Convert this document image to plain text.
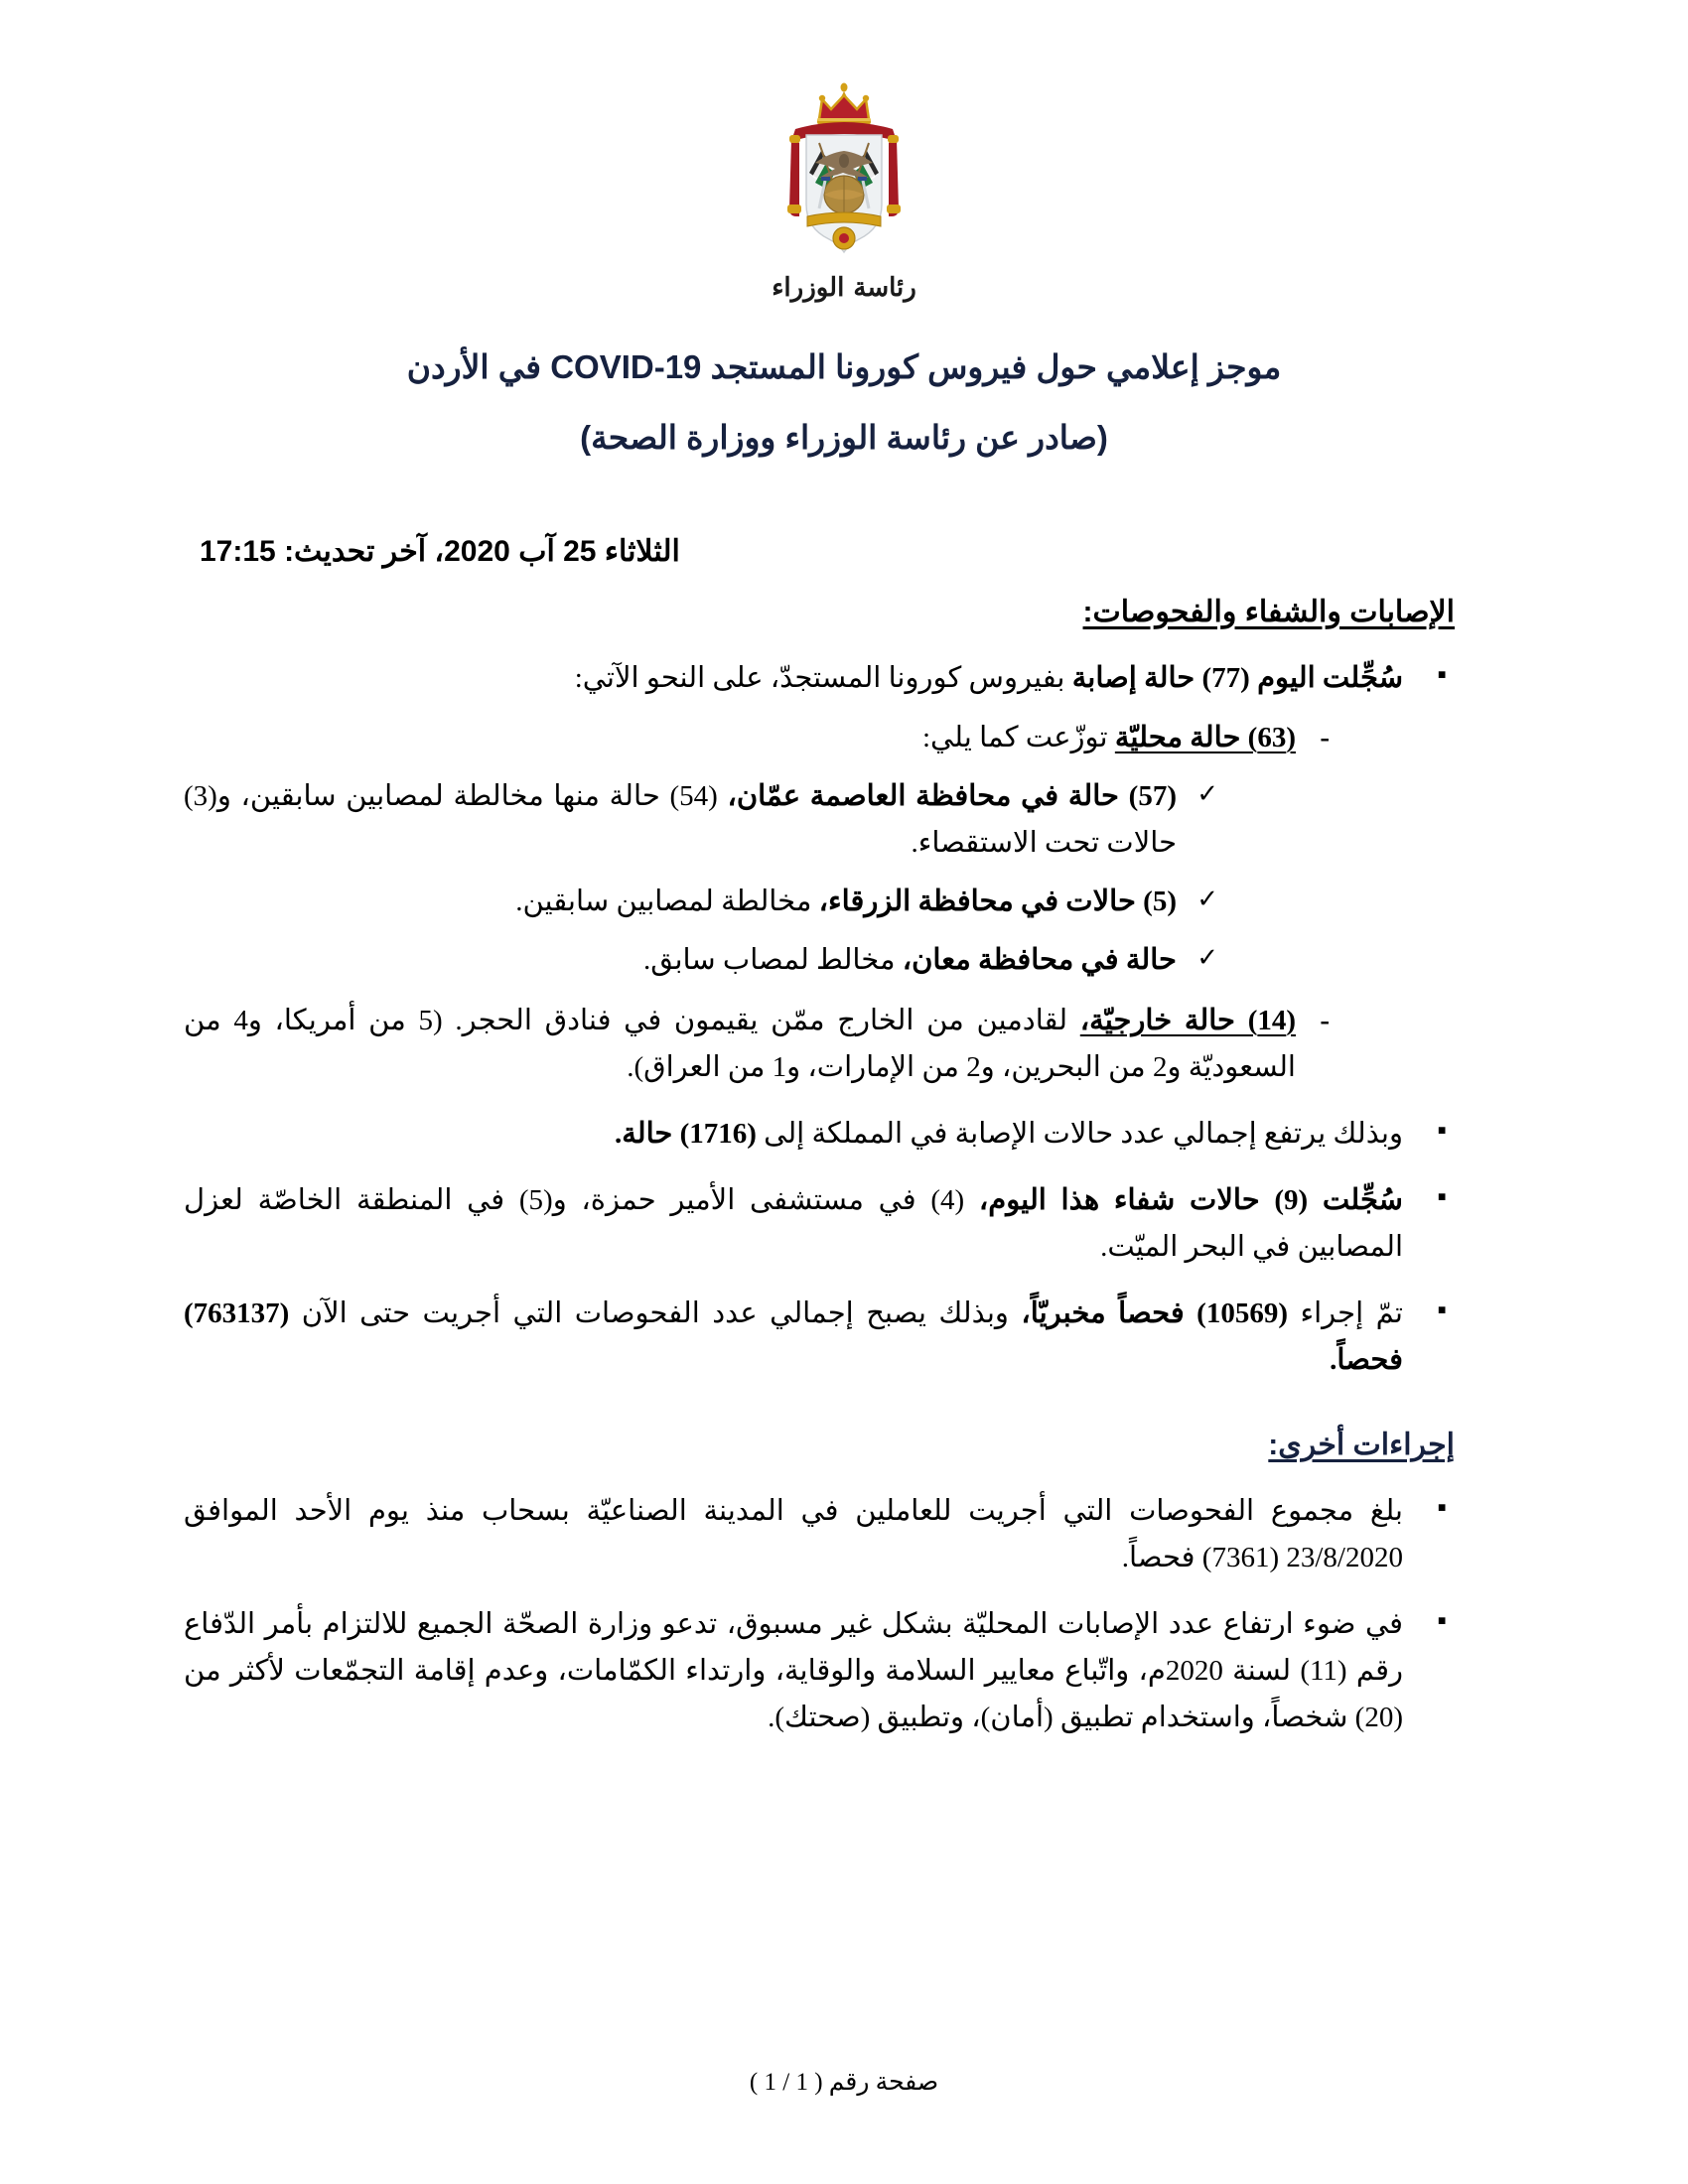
رئاسة الوزراء
موجز إعلامي حول فيروس كورونا المستجد COVID-19 في الأردن
(صادر عن رئاسة الوزراء ووزارة الصحة)
الثلاثاء 25 آب 2020، آخر تحديث: 17:15
الإصابات والشفاء والفحوصات:
▪ سُجِّلت اليوم (77) حالة إصابة بفيروس كورونا المستجدّ، على النحو الآتي:
- (63) حالة محليّة توزّعت كما يلي:
✓ (57) حالة في محافظة العاصمة عمّان، (54) حالة منها مخالطة لمصابين سابقين، و(3) حالات تحت الاستقصاء.
✓ (5) حالات في محافظة الزرقاء، مخالطة لمصابين سابقين.
✓ حالة في محافظة معان، مخالط لمصاب سابق.
- (14) حالة خارجيّة، لقادمين من الخارج ممّن يقيمون في فنادق الحجر. (5 من أمريكا، و4 من السعوديّة و2 من البحرين، و2 من الإمارات، و1 من العراق).
▪ وبذلك يرتفع إجمالي عدد حالات الإصابة في المملكة إلى (1716) حالة.
▪ سُجِّلت (9) حالات شفاء هذا اليوم، (4) في مستشفى الأمير حمزة، و(5) في المنطقة الخاصّة لعزل المصابين في البحر الميّت.
▪ تمّ إجراء (10569) فحصاً مخبريّاً، وبذلك يصبح إجمالي عدد الفحوصات التي أجريت حتى الآن (763137) فحصاً.
إجراءات أخرى:
▪ بلغ مجموع الفحوصات التي أجريت للعاملين في المدينة الصناعيّة بسحاب منذ يوم الأحد الموافق 23/8/2020 (7361) فحصاً.
▪ في ضوء ارتفاع عدد الإصابات المحليّة بشكل غير مسبوق، تدعو وزارة الصحّة الجميع للالتزام بأمر الدّفاع رقم (11) لسنة 2020م، واتّباع معايير السلامة والوقاية، وارتداء الكمّامات، وعدم إقامة التجمّعات لأكثر من (20) شخصاً، واستخدام تطبيق (أمان)، وتطبيق (صحتك).
صفحة رقم ( 1 / 1 )
